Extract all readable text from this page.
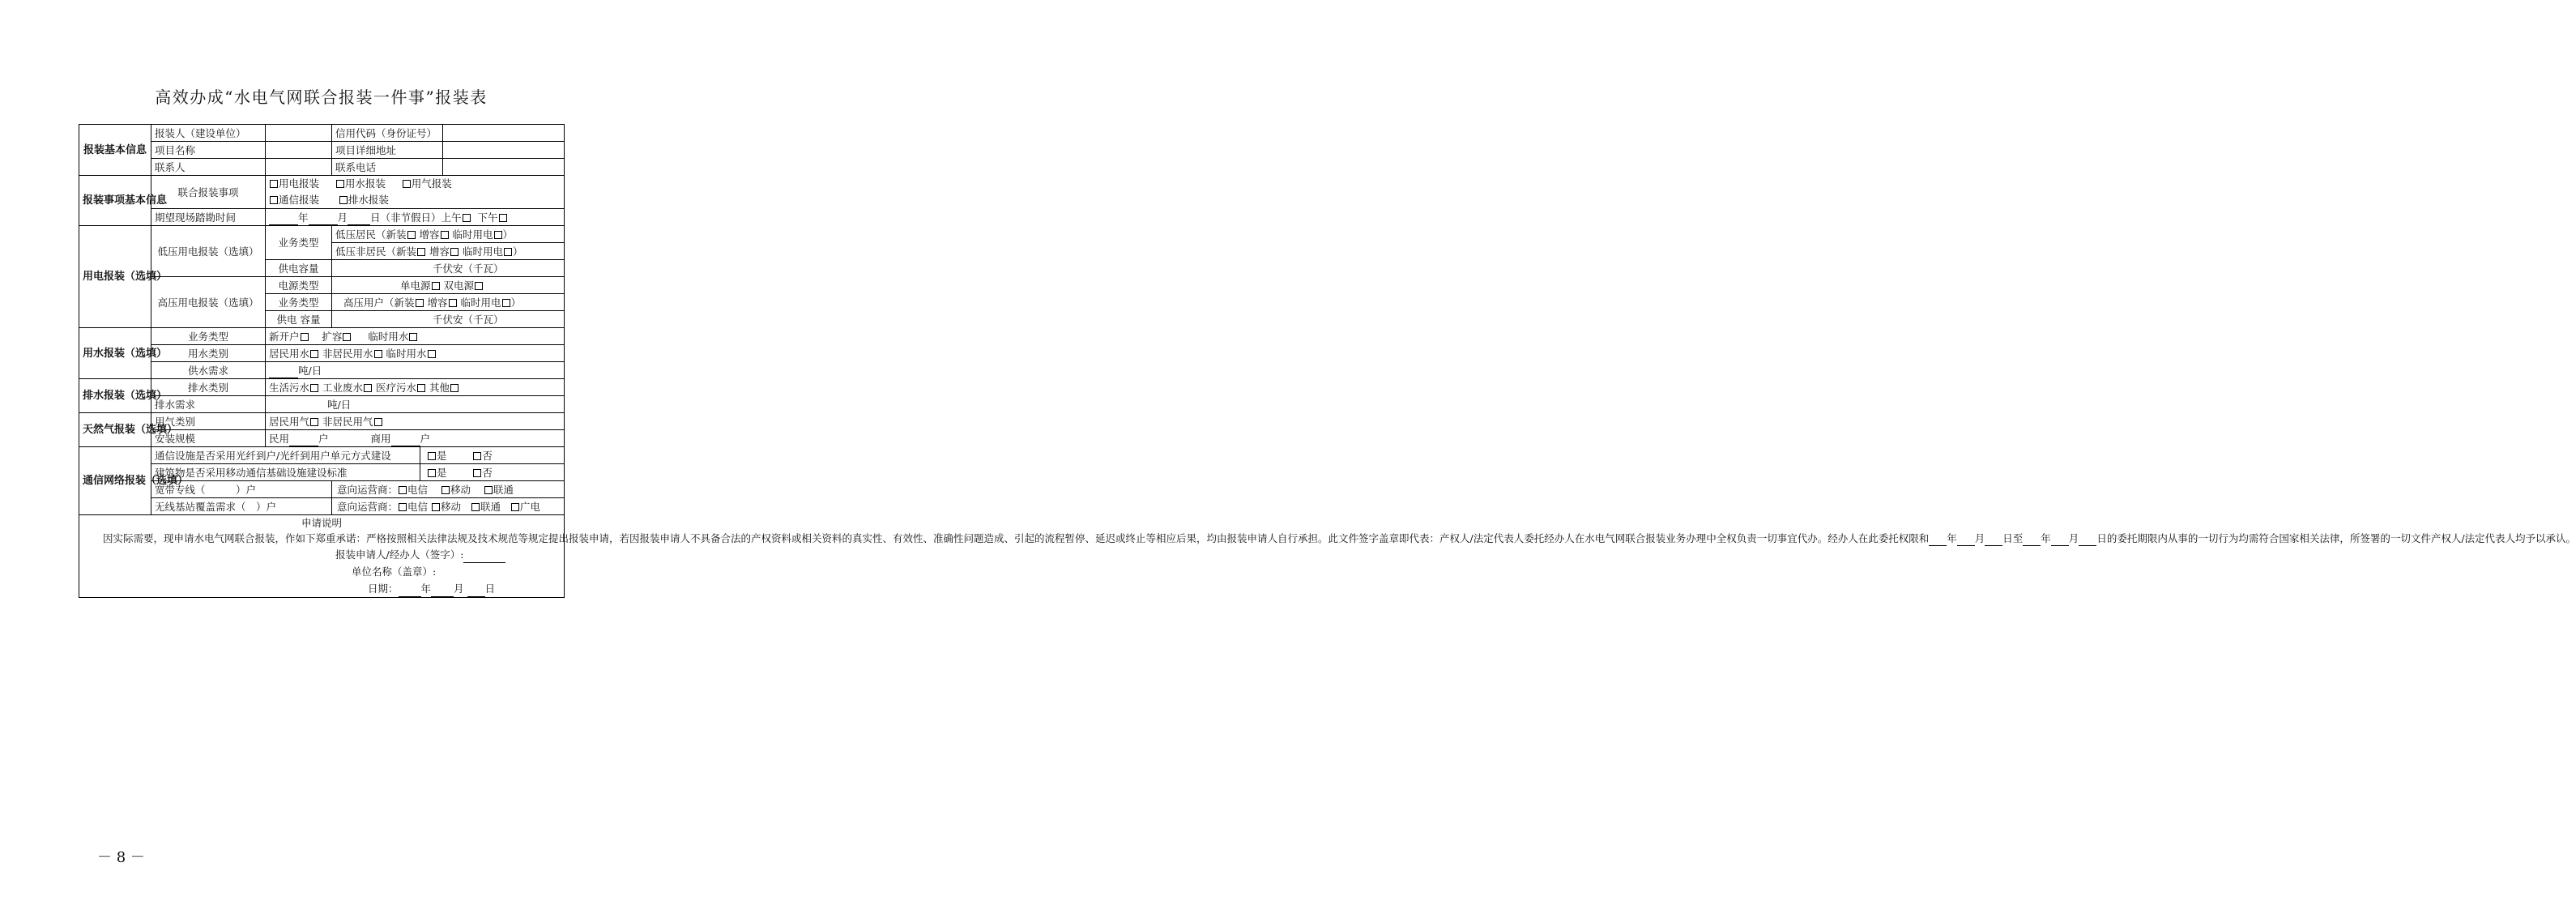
高效办成“水电气网联合报装一件事”报装表
报装基本信息	报装人（建设单位）		信用代码（身份证号）		
	项目名称		项目详细地址		
	联系人		联系电话		
报装事项基本信息	联合报装事项	用电报装 用水报装 用气报装
通信报装 排水报装			
	期望现场踏勘时间	年 月 日（非节假日）上午 下午			
用电报装（选填）	低压用电报装（选填）	业务类型	低压居民（新装 增容 临时用电 ）		
			低压非居民（新装 增容 临时用电 ）		
		供电容量	千伏安（千瓦）		
	高压用电报装（选填）	电源类型	单电源 双电源		
		业务类型	高压用户（新装 增容 临时用电 ）		
		供电 容量	千伏安（千瓦）		
用水报装（选填）	业务类型	新开户 扩容 临时用水			
	用水类别	居民用水 非居民用水 临时用水			
	供水需求	吨/日			
排水报装（选填）	排水类别	生活污水 工业废水 医疗污水 其他			
	排水需求	吨/日			
天然气报装（选填）	用气类别	居民用气 非居民用气			
	安装规模	民用 户 商用 户			
通信网络报装（选填）	通信设施是否采用光纤到户/光纤到用户单元方式建设			是 否	
	建筑物是否采用移动通信基础设施建设标准			是 否	
	宽带专线（　　　）户		意向运营商： 电信 移动 联通		
	无线基站覆盖需求（　）户		意向运营商： 电信 移动 联通 广电		

申请说明
因实际需要，现申请水电气网联合报装，作如下郑重承诺：严格按照相关法律法规及技术规范等规定提出报装申请，若因报装申请人不具备合法的产权资料或相关资料的真实性、有效性、准确性问题造成、引起的流程暂停、延迟或终止等相应后果，均由报装申请人自行承担。此文件签字盖章即代表：产权人/法定代表人委托经办人在水电气网联合报装业务办理中全权负责一切事宜代办。经办人在此委托权限和 年 月 日至 年 月 日的委托期限内从事的一切行为均需符合国家相关法律，所签署的一切文件产权人/法定代表人均予以承认。
报装申请人/经办人（签字）:
单位名称（盖章）:
日期： 年 月 日					
－ 8 －
